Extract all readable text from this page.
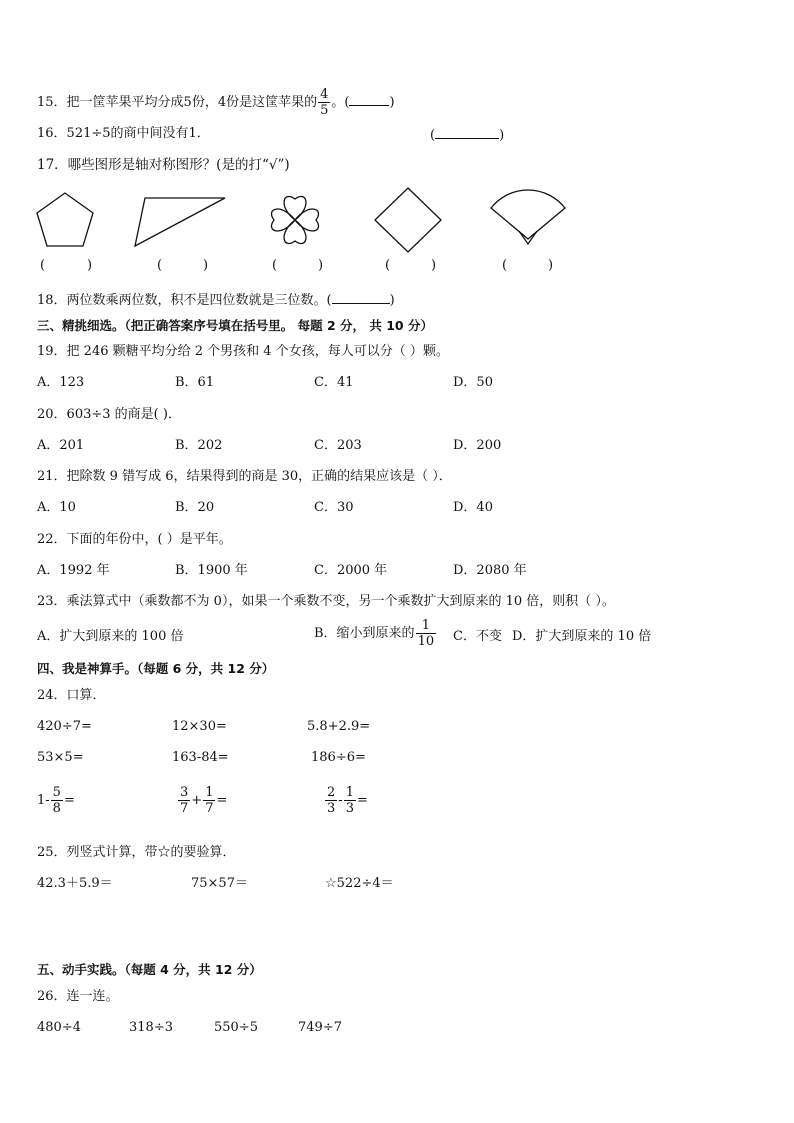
15．把一筐苹果平均分成5份，4份是这筐苹果的 $\frac{4}{5}$ 。(	)
16．521÷5的商中间没有1．	(	)
17．哪些图形是轴对称图形？(是的打“√”)
(	)	(	)	(	)	(	)	(	)
18．两位数乘两位数，积不是四位数就是三位数。(	)
三、精挑细选。（把正确答案序号填在括号里。 每题 2 分， 共 10 分）
19．把 246 颗糖平均分给 2 个男孩和 4 个女孩，每人可以分（ ）颗。
A．123	B．61	C．41	D．50
20．603÷3 的商是( )．
A．201	B．202	C．203	D．200
21．把除数 9 错写成 6，结果得到的商是 30，正确的结果应该是（ ）．
A．10	B．20	C．30	D．40
22．下面的年份中，( ）是平年。
A．1992 年	B．1900 年	C．2000 年	D．2080 年
23．乘法算式中（乘数都不为 0），如果一个乘数不变，另一个乘数扩大到原来的 10 倍，则积（ ）。
A．扩大到原来的 100 倍	B．缩小到原来的 $\frac{1}{10}$ C．不变 D．扩大到原来的 10 倍
四、我是神算手。（每题 6 分，共 12 分）
24．口算．
420÷7=	12×30=	5.8+2.9=
53×5=	163-84=	186÷6=
$1- \frac{5}{8}$ =	$\frac{3}{7} + \frac{1}{7}$ =	$\frac{2}{3} - \frac{1}{3}$ =
25．列竖式计算，带☆的要验算．
42.3＋5.9＝	75×57＝	☆522÷4＝
五、动手实践。（每题 4 分，共 12 分）
26．连一连。
480÷4	318÷3	550÷5	749÷7
